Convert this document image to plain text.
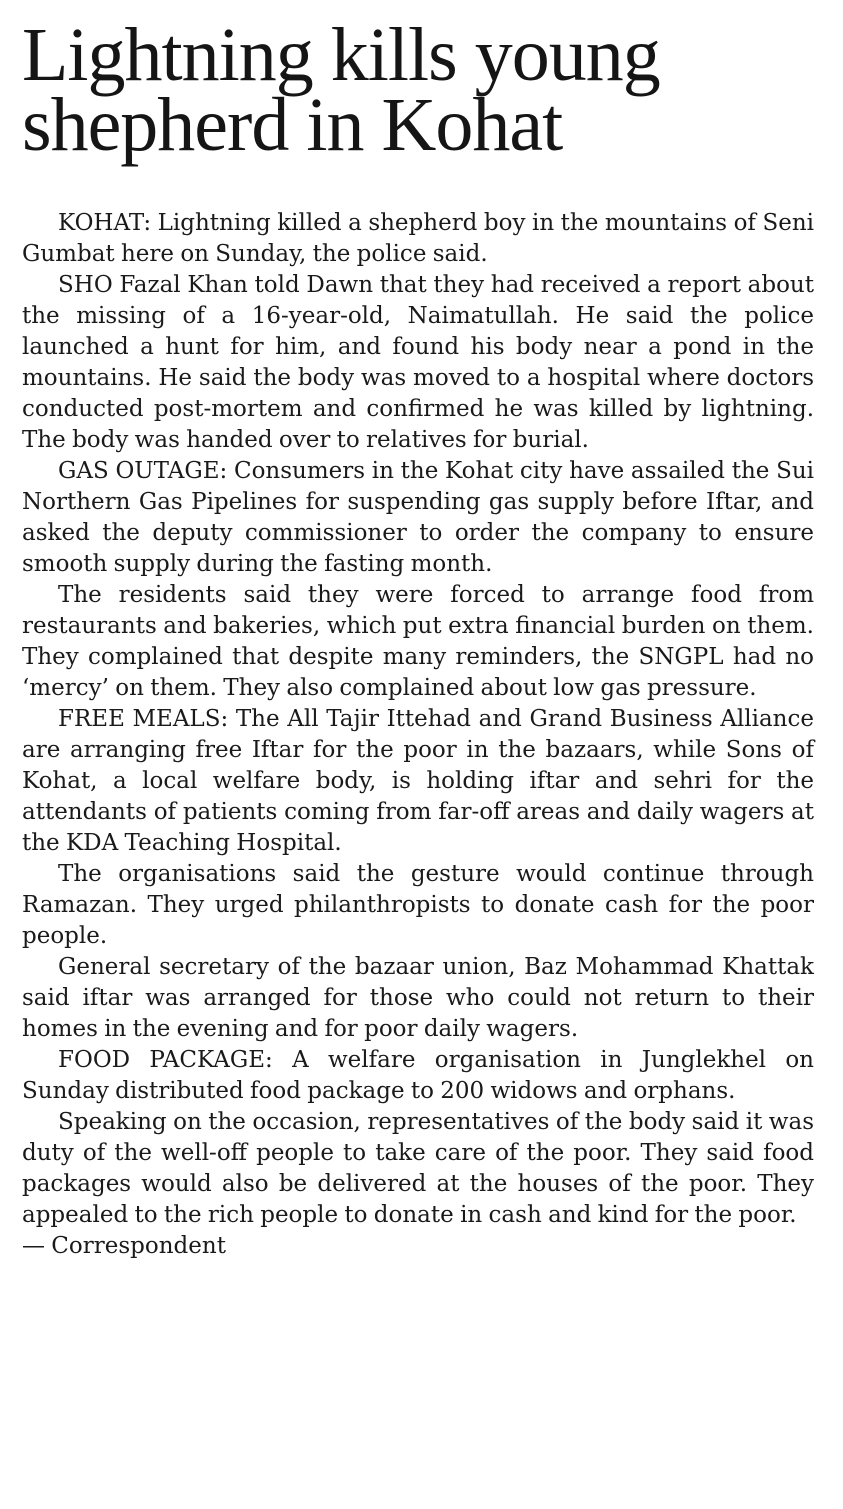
Lightning kills young shepherd in Kohat

KOHAT: Lightning killed a shepherd boy in the mountains of Seni Gumbat here on Sunday, the police said.

SHO Fazal Khan told Dawn that they had received a report about the missing of a 16-year-old, Naimatullah. He said the police launched a hunt for him, and found his body near a pond in the mountains. He said the body was moved to a hospital where doctors conducted post-mortem and confirmed he was killed by lightning. The body was handed over to relatives for burial.

GAS OUTAGE: Consumers in the Kohat city have assailed the Sui Northern Gas Pipelines for suspending gas supply before Iftar, and asked the deputy commissioner to order the company to ensure smooth supply during the fasting month.

The residents said they were forced to arrange food from restaurants and bakeries, which put extra financial burden on them. They complained that despite many reminders, the SNGPL had no ‘mercy’ on them. They also complained about low gas pressure.

FREE MEALS: The All Tajir Ittehad and Grand Business Alliance are arranging free Iftar for the poor in the bazaars, while Sons of Kohat, a local welfare body, is holding iftar and sehri for the attendants of patients coming from far-off areas and daily wagers at the KDA Teaching Hospital.

The organisations said the gesture would continue through Ramazan. They urged philanthropists to donate cash for the poor people.

General secretary of the bazaar union, Baz Mohammad Khattak said iftar was arranged for those who could not return to their homes in the evening and for poor daily wagers.

FOOD PACKAGE: A welfare organisation in Junglekhel on Sunday distributed food package to 200 widows and orphans.

Speaking on the occasion, representatives of the body said it was duty of the well-off people to take care of the poor. They said food packages would also be delivered at the houses of the poor. They appealed to the rich people to donate in cash and kind for the poor.

— Correspondent
